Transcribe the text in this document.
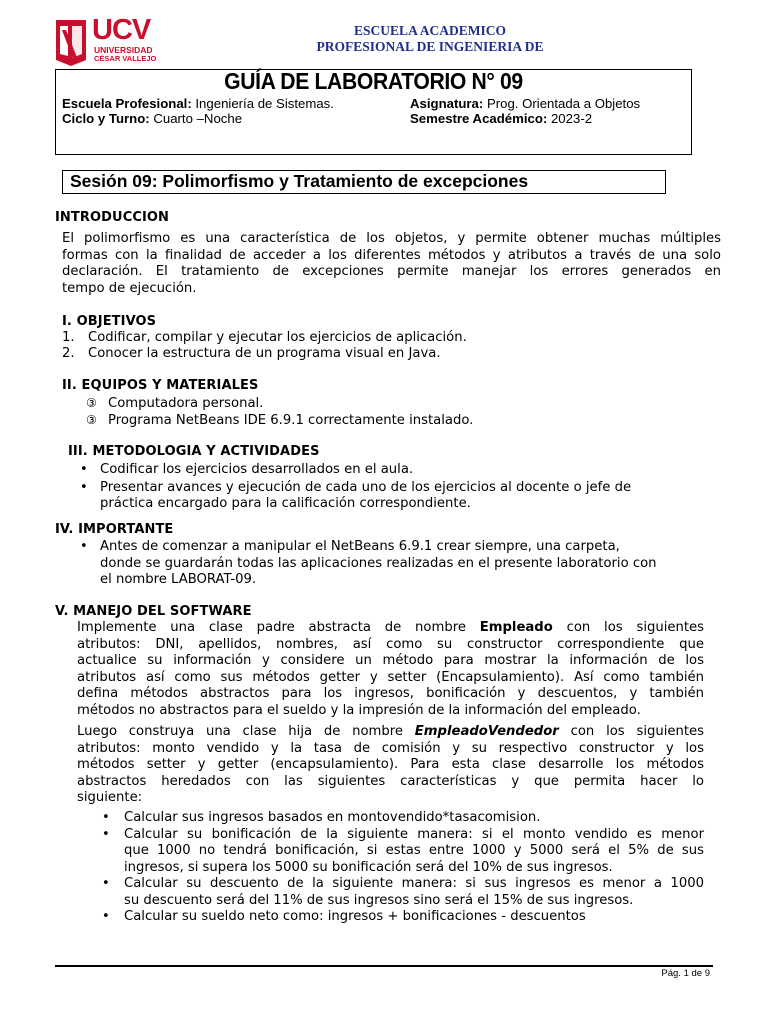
UCV
UNIVERSIDAD
CÉSAR VALLEJO
ESCUELA ACADEMICO
PROFESIONAL DE INGENIERIA DE
GUÍA DE LABORATORIO N° 09
Escuela Profesional: Ingeniería de Sistemas.	Asignatura: Prog. Orientada a Objetos
Ciclo y Turno: Cuarto –Noche	Semestre Académico: 2023-2
Sesión 09: Polimorfismo y Tratamiento de excepciones
INTRODUCCION
El polimorfismo es una característica de los objetos, y permite obtener muchas múltiples
formas con la finalidad de acceder a los diferentes métodos y atributos a través de una solo
declaración. El tratamiento de excepciones permite manejar los errores generados en
tempo de ejecución.
I. OBJETIVOS
1. Codificar, compilar y ejecutar los ejercicios de aplicación.
2. Conocer la estructura de un programa visual en Java.
II. EQUIPOS Y MATERIALES
③ Computadora personal.
③ Programa NetBeans IDE 6.9.1 correctamente instalado.
III. METODOLOGIA Y ACTIVIDADES
• Codificar los ejercicios desarrollados en el aula.
• Presentar avances y ejecución de cada uno de los ejercicios al docente o jefe de
práctica encargado para la calificación correspondiente.
IV. IMPORTANTE
• Antes de comenzar a manipular el NetBeans 6.9.1 crear siempre, una carpeta,
donde se guardarán todas las aplicaciones realizadas en el presente laboratorio con
el nombre LABORAT-09.
V. MANEJO DEL SOFTWARE
Implemente una clase padre abstracta de nombre Empleado con los siguientes
atributos: DNI, apellidos, nombres, así como su constructor correspondiente que
actualice su información y considere un método para mostrar la información de los
atributos así como sus métodos getter y setter (Encapsulamiento). Así como también
defina métodos abstractos para los ingresos, bonificación y descuentos, y también
métodos no abstractos para el sueldo y la impresión de la información del empleado.
Luego construya una clase hija de nombre EmpleadoVendedor con los siguientes
atributos: monto vendido y la tasa de comisión y su respectivo constructor y los
métodos setter y getter (encapsulamiento). Para esta clase desarrolle los métodos
abstractos heredados con las siguientes características y que permita hacer lo
siguiente:
• Calcular sus ingresos basados en montovendido*tasacomision.
• Calcular su bonificación de la siguiente manera: si el monto vendido es menor
que 1000 no tendrá bonificación, si estas entre 1000 y 5000 será el 5% de sus
ingresos, si supera los 5000 su bonificación será del 10% de sus ingresos.
• Calcular su descuento de la siguiente manera: si sus ingresos es menor a 1000
su descuento será del 11% de sus ingresos sino será el 15% de sus ingresos.
• Calcular su sueldo neto como: ingresos + bonificaciones - descuentos
Pág. 1 de 9
